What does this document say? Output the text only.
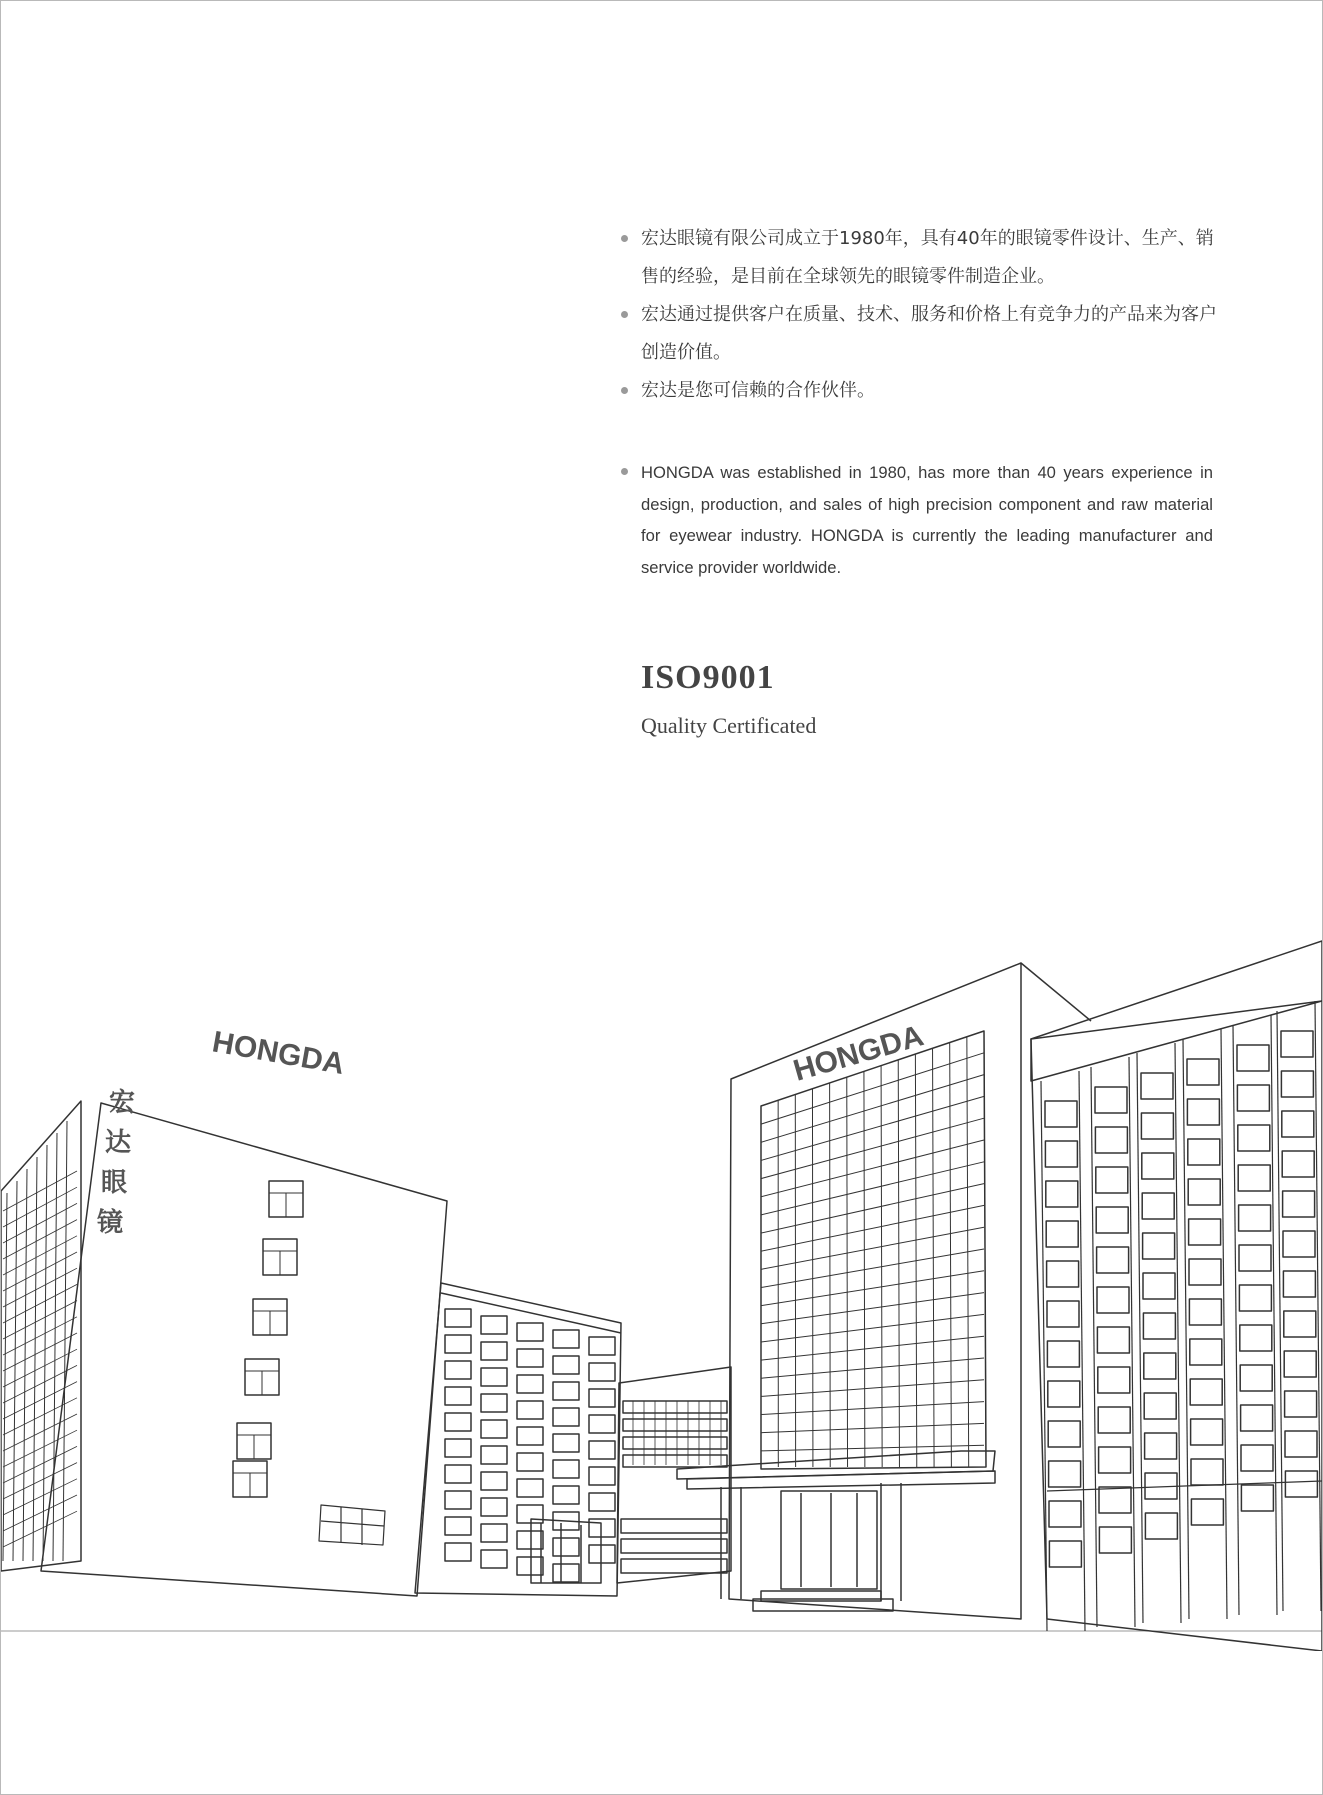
宏达眼镜有限公司成立于1980年，具有40年的眼镜零件设计、生产、销售的经验，是目前在全球领先的眼镜零件制造企业。
宏达通过提供客户在质量、技术、服务和价格上有竞争力的产品来为客户创造价值。
宏达是您可信赖的合作伙伴。

HONGDA was established in 1980, has more than 40 years experience in design, production, and sales of high precision component and raw material for eyewear industry. HONGDA is currently the leading manufacturer and service provider worldwide.

ISO9001

Quality Certificated

HONGDA
宏
达
眼
镜
HONGDA
